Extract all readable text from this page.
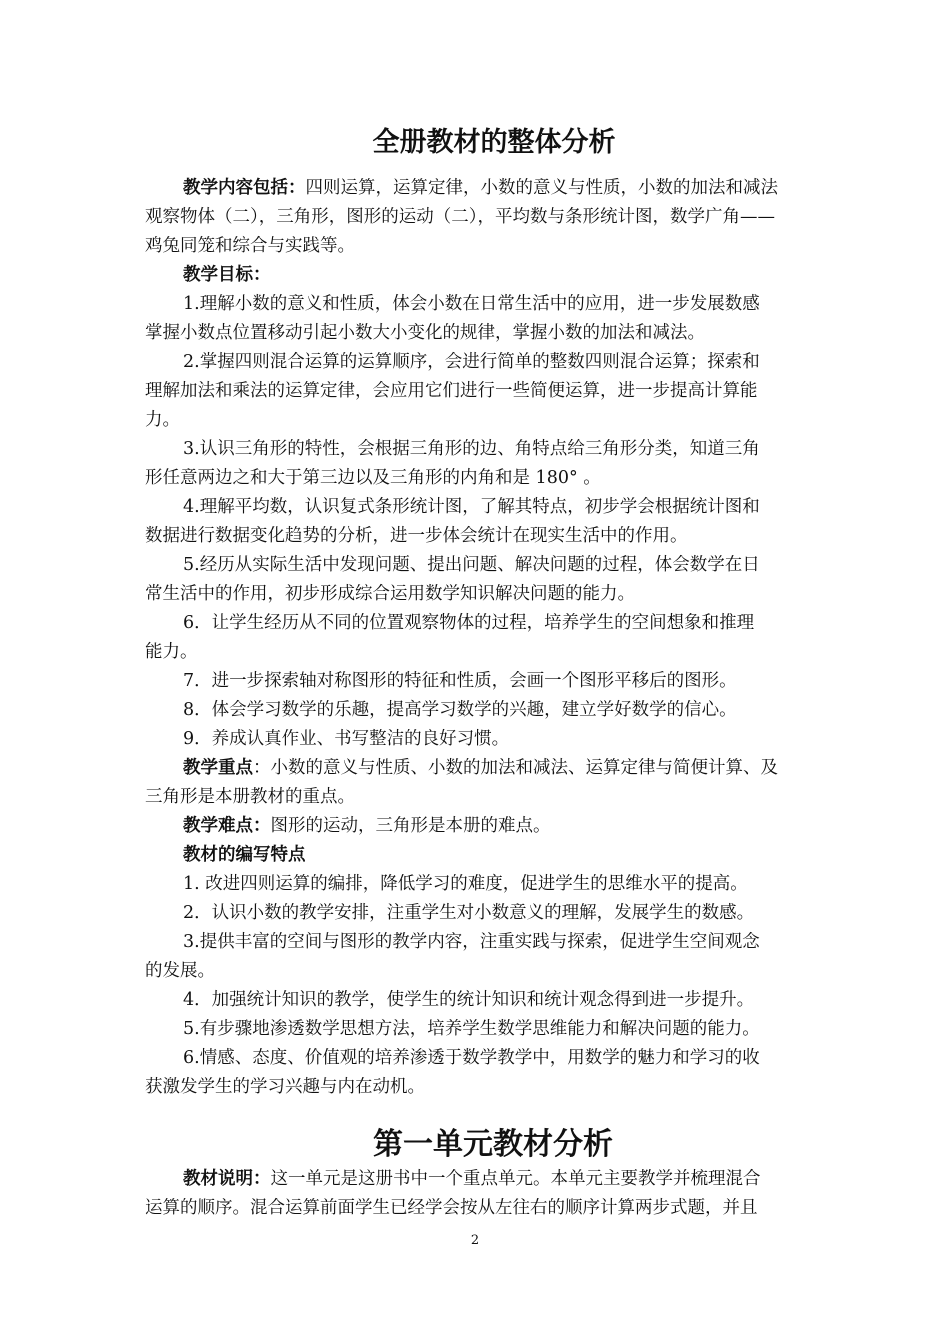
全册教材的整体分析
教学内容包括：四则运算，运算定律，小数的意义与性质，小数的加法和减法
观察物体（二），三角形，图形的运动（二），平均数与条形统计图，数学广角——
鸡兔同笼和综合与实践等。
教学目标：
1.理解小数的意义和性质，体会小数在日常生活中的应用，进一步发展数感
掌握小数点位置移动引起小数大小变化的规律，掌握小数的加法和减法。
2.掌握四则混合运算的运算顺序，会进行简单的整数四则混合运算；探索和
理解加法和乘法的运算定律，会应用它们进行一些简便运算，进一步提高计算能
力。
3.认识三角形的特性，会根据三角形的边、角特点给三角形分类，知道三角
形任意两边之和大于第三边以及三角形的内角和是 180° 。
4.理解平均数，认识复式条形统计图，了解其特点，初步学会根据统计图和
数据进行数据变化趋势的分析，进一步体会统计在现实生活中的作用。
5.经历从实际生活中发现问题、提出问题、解决问题的过程，体会数学在日
常生活中的作用，初步形成综合运用数学知识解决问题的能力。
6．让学生经历从不同的位置观察物体的过程，培养学生的空间想象和推理
能力。
7．进一步探索轴对称图形的特征和性质，会画一个图形平移后的图形。
8．体会学习数学的乐趣，提高学习数学的兴趣，建立学好数学的信心。
9．养成认真作业、书写整洁的良好习惯。
教学重点：小数的意义与性质、小数的加法和减法、运算定律与简便计算、及
三角形是本册教材的重点。
教学难点：图形的运动，三角形是本册的难点。
教材的编写特点
1. 改进四则运算的编排，降低学习的难度，促进学生的思维水平的提高。
2．认识小数的教学安排，注重学生对小数意义的理解，发展学生的数感。
3.提供丰富的空间与图形的教学内容，注重实践与探索，促进学生空间观念
的发展。
4．加强统计知识的教学，使学生的统计知识和统计观念得到进一步提升。
5.有步骤地渗透数学思想方法，培养学生数学思维能力和解决问题的能力。
6.情感、态度、价值观的培养渗透于数学教学中，用数学的魅力和学习的收
获激发学生的学习兴趣与内在动机。
第一单元教材分析
教材说明：这一单元是这册书中一个重点单元。本单元主要教学并梳理混合
运算的顺序。混合运算前面学生已经学会按从左往右的顺序计算两步式题，并且
2
